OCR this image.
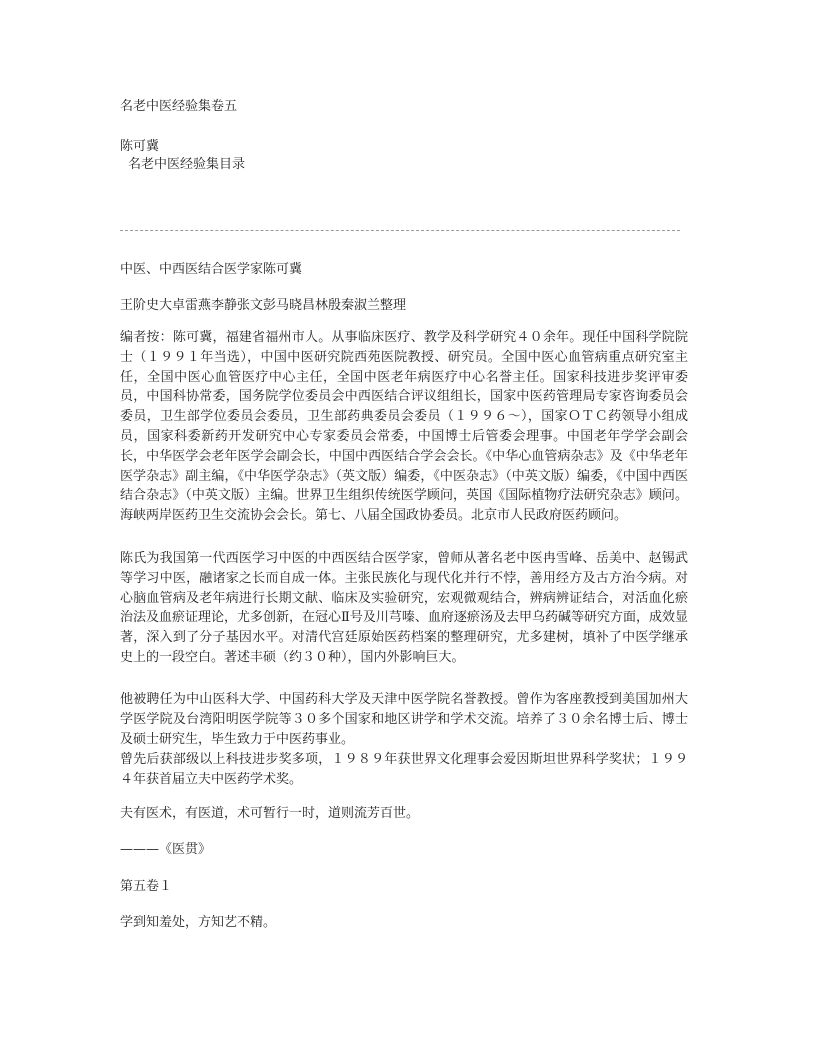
名老中医经验集卷五
陈可冀
名老中医经验集目录
中医、中西医结合医学家陈可冀
王阶史大卓雷燕李静张文彭马晓昌林殷秦淑兰整理
编者按：陈可冀，福建省福州市人。从事临床医疗、教学及科学研究４０余年。现任中国科学院院士（１９９１年当选），中国中医研究院西苑医院教授、研究员。全国中医心血管病重点研究室主任，全国中医心血管医疗中心主任，全国中医老年病医疗中心名誉主任。国家科技进步奖评审委员，中国科协常委，国务院学位委员会中西医结合评议组组长，国家中医药管理局专家咨询委员会委员，卫生部学位委员会委员，卫生部药典委员会委员（１９９６～），国家ＯＴＣ药领导小组成员，国家科委新药开发研究中心专家委员会常委，中国博士后管委会理事。中国老年学学会副会长，中华医学会老年医学会副会长，中国中西医结合学会会长。《中华心血管病杂志》及《中华老年医学杂志》副主编，《中华医学杂志》（英文版）编委，《中医杂志》（中英文版）编委，《中国中西医结合杂志》（中英文版）主编。世界卫生组织传统医学顾问，英国《国际植物疗法研究杂志》顾问。海峡两岸医药卫生交流协会会长。第七、八届全国政协委员。北京市人民政府医药顾问。
陈氏为我国第一代西医学习中医的中西医结合医学家，曾师从著名老中医冉雪峰、岳美中、赵锡武等学习中医，融诸家之长而自成一体。主张民族化与现代化并行不悖，善用经方及古方治今病。对心脑血管病及老年病进行长期文献、临床及实验研究，宏观微观结合，辨病辨证结合，对活血化瘀治法及血瘀证理论，尤多创新，在冠心Ⅱ号及川芎嗪、血府逐瘀汤及去甲乌药碱等研究方面，成效显著，深入到了分子基因水平。对清代宫廷原始医药档案的整理研究，尤多建树，填补了中医学继承史上的一段空白。著述丰硕（约３０种），国内外影响巨大。
他被聘任为中山医科大学、中国药科大学及天津中医学院名誉教授。曾作为客座教授到美国加州大学医学院及台湾阳明医学院等３０多个国家和地区讲学和学术交流。培养了３０余名博士后、博士及硕士研究生，毕生致力于中医药事业。
曾先后获部级以上科技进步奖多项，１９８９年获世界文化理事会爱因斯坦世界科学奖状；１９９４年获首届立夫中医药学术奖。
夫有医术，有医道，术可暂行一时，道则流芳百世。
———《医贯》
第五卷１
学到知羞处，方知艺不精。
